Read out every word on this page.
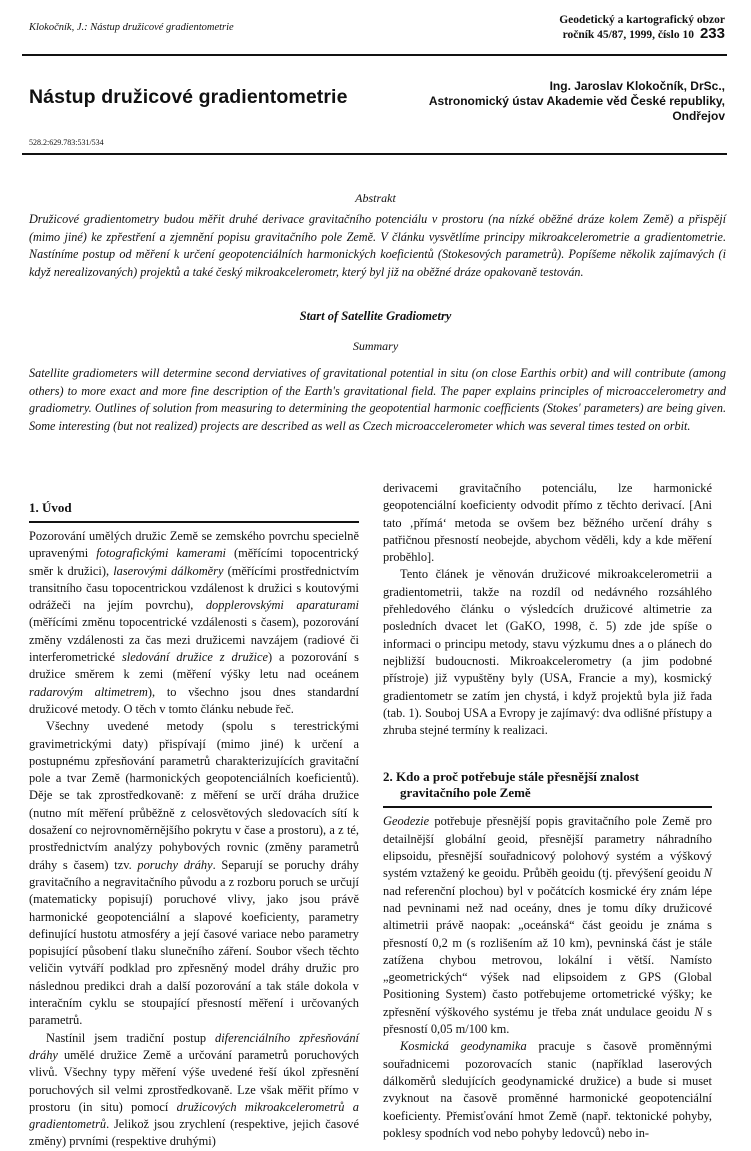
Klokočník, J.: Nástup družicové gradientometrie
Geodetický a kartografický obzor
ročník 45/87, 1999, číslo 10 233
Nástup družicové gradientometrie	Ing. Jaroslav Klokočník, DrSc.,
Astronomický ústav Akademie věd České republiky,
Ondřejov
528.2:629.783:531/534
Abstrakt
Družicové gradientometry budou měřit druhé derivace gravitačního potenciálu v prostoru (na nízké oběžné dráze kolem Země) a přispějí (mimo jiné) ke zpřestření a zjemnění popisu gravitačního pole Země. V článku vysvětlíme principy mikroakcelerometrie a gradientometrie. Nastíníme postup od měření k určení geopotenciálních harmonických koeficientů (Stokesových parametrů). Popíšeme několik zajímavých (i když nerealizovaných) projektů a také český mikroakcelerometr, který byl již na oběžné dráze opakovaně testován.
Start of Satellite Gradiometry
Summary
Satellite gradiometers will determine second derviatives of gravitational potential in situ (on close Earthis orbit) and will contribute (among others) to more exact and more fine description of the Earth's gravitational field. The paper explains principles of microaccelerometry and gradiometry. Outlines of solution from measuring to determining the geopotential harmonic coefficients (Stokes' parameters) are being given. Some interesting (but not realized) projects are described as well as Czech microaccelerometer which was several times tested on orbit.
1. Úvod

Pozorování umělých družic Země se zemského povrchu specielně upravenými fotografickými kamerami (měřícími topocentrický směr k družici), laserovými dálkoměry (měřícími prostřednictvím transitního času topocentrickou vzdálenost k družici s koutovými odrážeči na jejím povrchu), dopplerovskými aparaturami (měřícími změnu topocentrické vzdálenosti s časem), pozorování změny vzdálenosti za čas mezi družicemi navzájem (radiové či interferometrické sledování družice z družice) a pozorování s družice směrem k zemi (měření výšky letu nad oceánem radarovým altimetrem), to všechno jsou dnes standardní družicové metody. O těch v tomto článku nebude řeč.

Všechny uvedené metody (spolu s terestrickými gravimetrickými daty) přispívají (mimo jiné) k určení a postupnému zpřesňování parametrů charakterizujících gravitační pole a tvar Země (harmonických geopotenciálních koeficientů). Děje se tak zprostředkovaně: z měření se určí dráha družice (nutno mít měření průběžně z celosvětových sledovacích sítí k dosažení co nejrovnoměrnějšího pokrytu v čase a prostoru), a z té, prostřednictvím analýzy pohybových rovnic (změny parametrů dráhy s časem) tzv. poruchy dráhy. Separují se poruchy dráhy gravitačního a negravitačního původu a z rozboru poruch se určují (matematicky popisují) poruchové vlivy, jako jsou právě harmonické geopotenciální a slapové koeficienty, parametry definující hustotu atmosféry a její časové variace nebo parametry popisující působení tlaku slunečního záření. Soubor všech těchto veličin vytváří podklad pro zpřesněný model dráhy družic pro následnou predikci drah a další pozorování a tak stále dokola v interačním cyklu se stoupající přesností měření i určovaných parametrů.

Nastínil jsem tradiční postup diferenciálního zpřesňování dráhy umělé družice Země a určování parametrů poruchových vlivů. Všechny typy měření výše uvedené řeší úkol zpřesnění poruchových sil velmi zprostředkovaně. Lze však měřit přímo v prostoru (in situ) pomocí družicových mikroakcelerometrů a gradientometrů. Jelikož jsou zrychlení (respektive, jejich časové změny) prvními (respektive druhými)

derivacemi gravitačního potenciálu, lze harmonické geopotenciální koeficienty odvodit přímo z těchto derivací. [Ani tato ‚přímá‘ metoda se ovšem bez běžného určení dráhy s patřičnou přesností neobejde, abychom věděli, kdy a kde měření proběhlo].

Tento článek je věnován družicové mikroakcelerometrii a gradientometrii, takže na rozdíl od nedávného rozsáhlého přehledového článku o výsledcích družicové altimetrie za posledních dvacet let (GaKO, 1998, č. 5) zde jde spíše o informaci o principu metody, stavu výzkumu dnes a o plánech do nejbližší budoucnosti. Mikroakcelerometry (a jim podobné přístroje) již vypuštěny byly (USA, Francie a my), kosmický gradientometr se zatím jen chystá, i když projektů byla již řada (tab. 1). Souboj USA a Evropy je zajímavý: dva odlišné přístupy a zhruba stejné termíny k realizaci.

2. Kdo a proč potřebuje stále přesnější znalost
gravitačního pole Země

Geodezie potřebuje přesnější popis gravitačního pole Země pro detailnější globální geoid, přesnější parametry náhradního elipsoidu, přesnější souřadnicový polohový systém a výškový systém vztažený ke geoidu. Průběh geoidu (tj. převýšení geoidu N nad referenční plochou) byl v počátcích kosmické éry znám lépe nad pevninami než nad oceány, dnes je tomu díky družicové altimetrii právě naopak: „oceánská“ část geoidu je známa s přesností 0,2 m (s rozlišením až 10 km), pevninská část je stále zatížena chybou metrovou, lokální i větší. Namísto „geometrických“ výšek nad elipsoidem z GPS (Global Positioning System) často potřebujeme ortometrické výšky; ke zpřesnění výškového systému je třeba znát undulace geoidu N s přesností 0,05 m/100 km.

Kosmická geodynamika pracuje s časově proměnnými souřadnicemi pozorovacích stanic (například laserových dálkoměrů sledujících geodynamické družice) a bude si muset zvyknout na časově proměnné harmonické geopotenciální koeficienty. Přemisťování hmot Země (např. tektonické pohyby, poklesy spodních vod nebo pohyby ledovců) nebo in-
